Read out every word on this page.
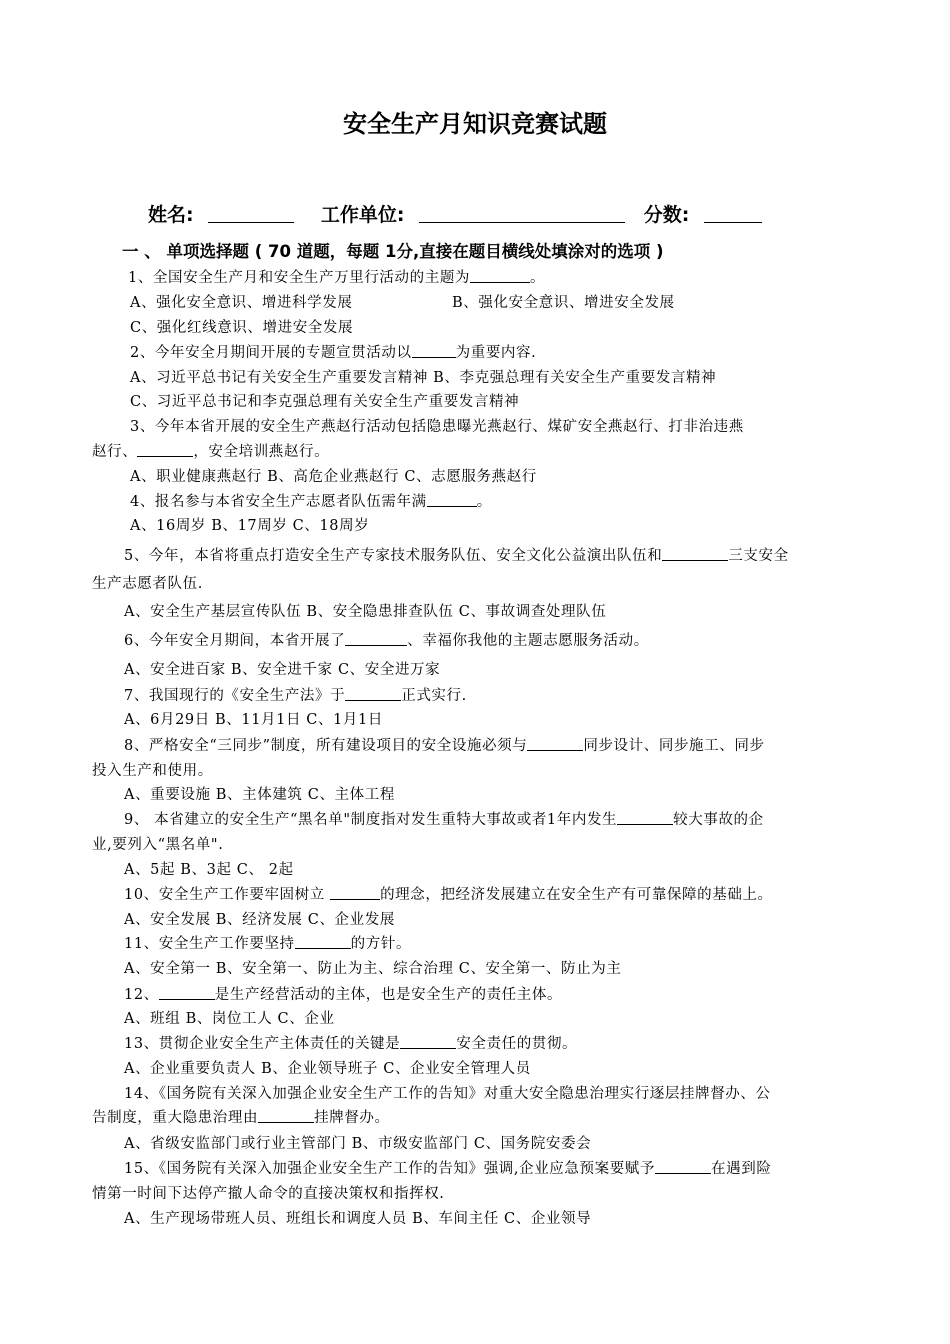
安全生产月知识竞赛试题
姓名:	工作单位:	分数:
一 、 单项选择题 ( 70 道题，每题 1分,直接在题目横线处填涂对的选项 )
1、全国安全生产月和安全生产万里行活动的主题为	。
A、强化安全意识、增进科学发展	B、强化安全意识、增进安全发展
C、强化红线意识、增进安全发展
2、今年安全月期间开展的专题宣贯活动以	为重要内容.
A、习近平总书记有关安全生产重要发言精神 B、李克强总理有关安全生产重要发言精神
C、习近平总书记和李克强总理有关安全生产重要发言精神
3、今年本省开展的安全生产燕赵行活动包括隐患曝光燕赵行、煤矿安全燕赵行、打非治违燕
赵行、	，安全培训燕赵行。
A、职业健康燕赵行 B、高危企业燕赵行 C、志愿服务燕赵行
4、报名参与本省安全生产志愿者队伍需年满	。
A、16周岁 B、17周岁 C、18周岁
5、今年，本省将重点打造安全生产专家技术服务队伍、安全文化公益演出队伍和	三支安全
生产志愿者队伍.
A、安全生产基层宣传队伍 B、安全隐患排查队伍 C、事故调查处理队伍
6、今年安全月期间，本省开展了	、幸福你我他的主题志愿服务活动。
A、安全进百家 B、安全进千家 C、安全进万家
7、我国现行的《安全生产法》于	正式实行.
A、6月29日 B、11月1日 C、1月1日
8、严格安全“三同步”制度，所有建设项目的安全设施必须与	同步设计、同步施工、同步
投入生产和使用。
A、重要设施 B、主体建筑 C、主体工程
9、 本省建立的安全生产“黑名单"制度指对发生重特大事故或者1年内发生	较大事故的企
业,要列入“黑名单".
A、5起 B、3起 C、 2起
10、安全生产工作要牢固树立	的理念，把经济发展建立在安全生产有可靠保障的基础上。
A、安全发展 B、经济发展 C、企业发展
11、安全生产工作要坚持	的方针。
A、安全第一 B、安全第一、防止为主、综合治理 C、安全第一、防止为主
12、	是生产经营活动的主体，也是安全生产的责任主体。
A、班组 B、岗位工人 C、企业
13、贯彻企业安全生产主体责任的关键是	安全责任的贯彻。
A、企业重要负责人 B、企业领导班子 C、企业安全管理人员
14、《国务院有关深入加强企业安全生产工作的告知》对重大安全隐患治理实行逐层挂牌督办、公
告制度，重大隐患治理由	挂牌督办。
A、省级安监部门或行业主管部门 B、市级安监部门 C、国务院安委会
15、《国务院有关深入加强企业安全生产工作的告知》强调,企业应急预案要赋予	在遇到险
情第一时间下达停产撤人命令的直接决策权和指挥权.
A、生产现场带班人员、班组长和调度人员 B、车间主任 C、企业领导
